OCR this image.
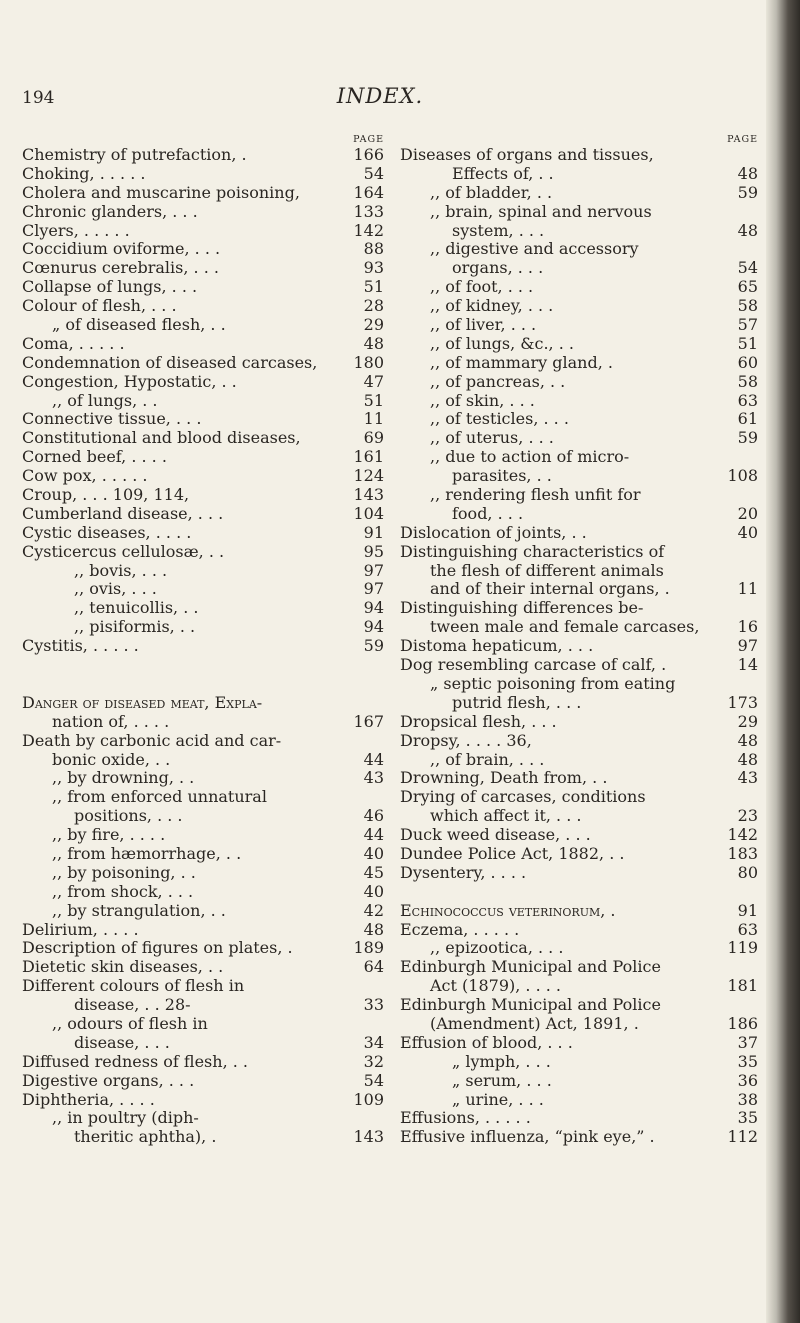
194	INDEX.
PAGE
Chemistry of putrefaction, .	166
Choking, . . . . .	54
Cholera and muscarine poisoning,	164
Chronic glanders, . . .	133
Clyers, . . . . .	142
Coccidium oviforme, . . .	88
Cœnurus cerebralis, . . .	93
Collapse of lungs, . . .	51
Colour of flesh, . . .	28
„ of diseased flesh, . .	29
Coma, . . . . .	48
Condemnation of diseased carcases,	180
Congestion, Hypostatic, . .	47
,, of lungs, . .	51
Connective tissue, . . .	11
Constitutional and blood diseases,	69
Corned beef, . . . .	161
Cow pox, . . . . .	124
Croup, . . . 109, 114,	143
Cumberland disease, . . .	104
Cystic diseases, . . . .	91
Cysticercus cellulosæ, . .	95
,, bovis, . . .	97
,, ovis, . . .	97
,, tenuicollis, . .	94
,, pisiformis, . .	94
Cystitis, . . . . .	59
Danger of diseased meat, Expla-
nation of, . . . .	167
Death by carbonic acid and car-
bonic oxide, . .	44
,, by drowning, . .	43
,, from enforced unnatural
positions, . . .	46
,, by fire, . . . .	44
,, from hæmorrhage, . .	40
,, by poisoning, . .	45
,, from shock, . . .	40
,, by strangulation, . .	42
Delirium, . . . .	48
Description of figures on plates, .	189
Dietetic skin diseases, . .	64
Different colours of flesh in
disease, . . 28-	33
,, odours of flesh in
disease, . . .	34
Diffused redness of flesh, . .	32
Digestive organs, . . .	54
Diphtheria, . . . .	109
,, in poultry (diph-
theritic aphtha), .	143
PAGE
Diseases of organs and tissues,
Effects of, . .	48
,, of bladder, . .	59
,, brain, spinal and nervous
system, . . .	48
,, digestive and accessory
organs, . . .	54
,, of foot, . . .	65
,, of kidney, . . .	58
,, of liver, . . .	57
,, of lungs, &c., . .	51
,, of mammary gland, .	60
,, of pancreas, . .	58
,, of skin, . . .	63
,, of testicles, . . .	61
,, of uterus, . . .	59
,, due to action of micro-
parasites, . .	108
,, rendering flesh unfit for
food, . . .	20
Dislocation of joints, . .	40
Distinguishing characteristics of
the flesh of different animals
and of their internal organs, .	11
Distinguishing differences be-
tween male and female carcases,	16
Distoma hepaticum, . . .	97
Dog resembling carcase of calf, .	14
„ septic poisoning from eating
putrid flesh, . . .	173
Dropsical flesh, . . .	29
Dropsy, . . . . 36,	48
,, of brain, . . .	48
Drowning, Death from, . .	43
Drying of carcases, conditions
which affect it, . . .	23
Duck weed disease, . . .	142
Dundee Police Act, 1882, . .	183
Dysentery, . . . .	80
Echinococcus veterinorum, .	91
Eczema, . . . . .	63
,, epizootica, . . .	119
Edinburgh Municipal and Police
Act (1879), . . . .	181
Edinburgh Municipal and Police
(Amendment) Act, 1891, .	186
Effusion of blood, . . .	37
„ lymph, . . .	35
„ serum, . . .	36
„ urine, . . .	38
Effusions, . . . . .	35
Effusive influenza, “pink eye,” .	112
